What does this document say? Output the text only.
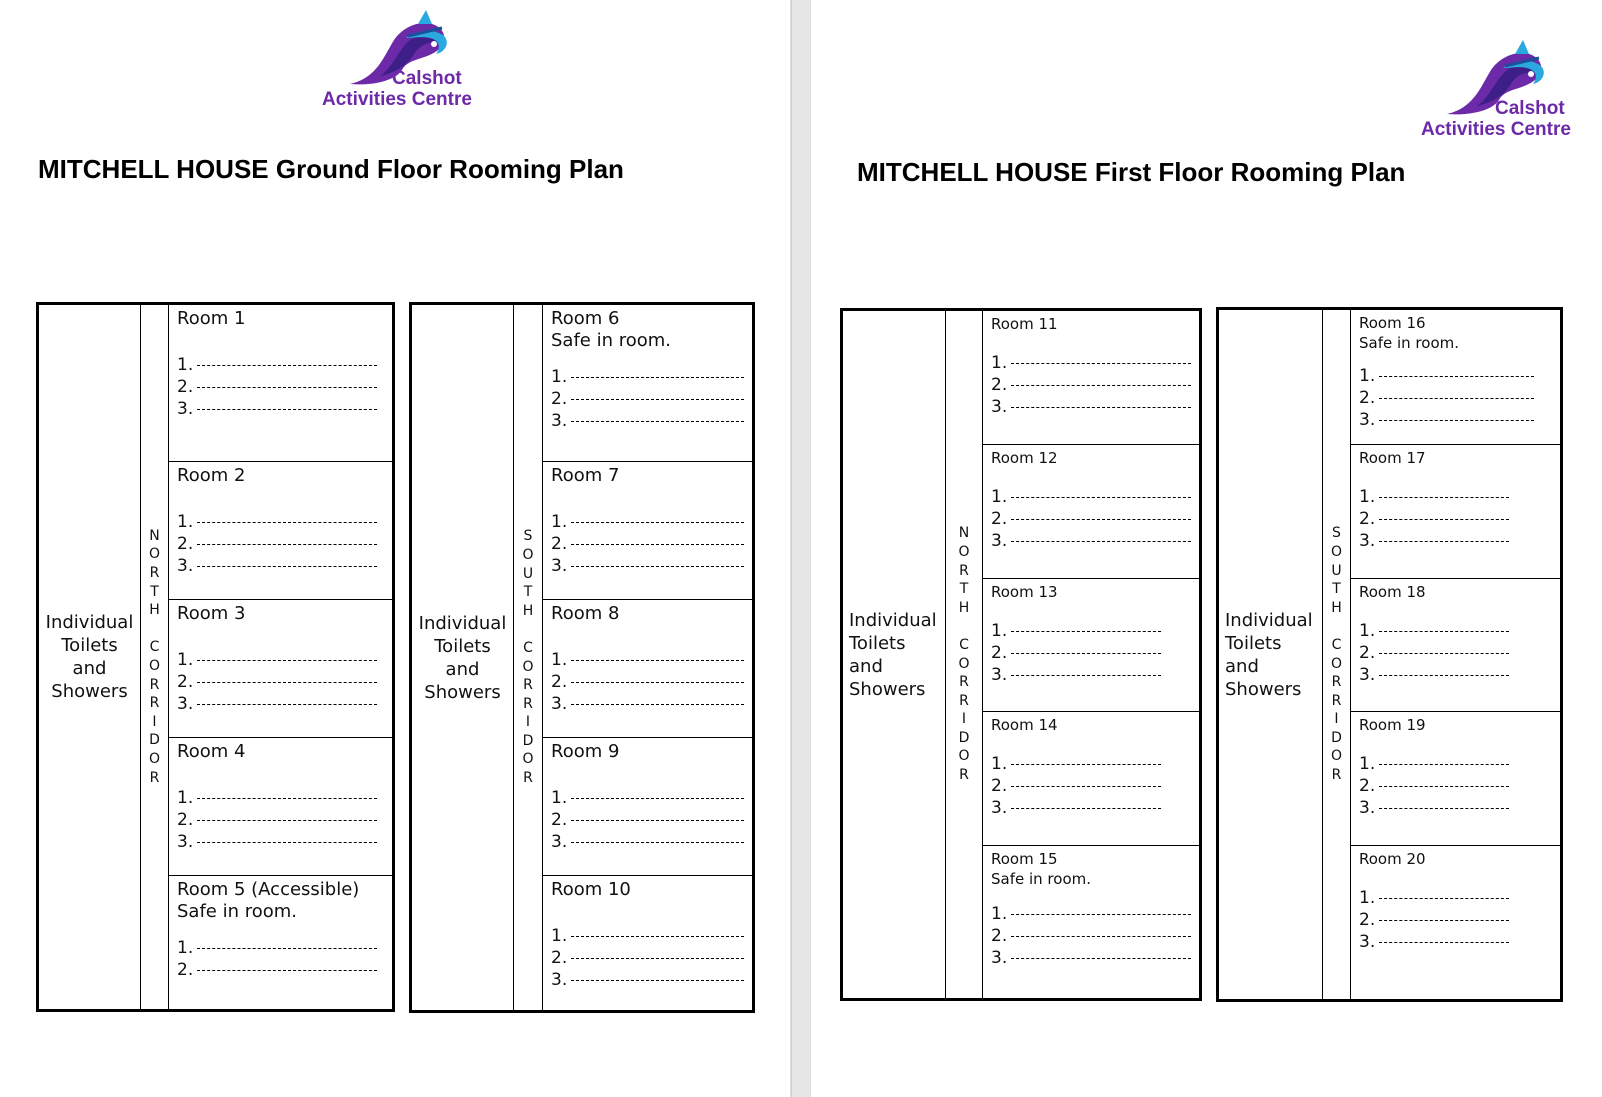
Calshot
Activities Centre
MITCHELL HOUSE Ground Floor Rooming Plan
Individual
Toilets
and
Showers
N
O
R
T
H
C
O
R
R
I
D
O
R
Room 1
1.
2.
3.
Room 2
1.
2.
3.
Room 3
1.
2.
3.
Room 4
1.
2.
3.
Room 5 (Accessible)
Safe in room.
1.
2.
Individual
Toilets
and
Showers
S
O
U
T
H
C
O
R
R
I
D
O
R
Room 6
Safe in room.
1.
2.
3.
Room 7
1.
2.
3.
Room 8
1.
2.
3.
Room 9
1.
2.
3.
Room 10
1.
2.
3.
Calshot
Activities Centre
MITCHELL HOUSE First Floor Rooming Plan
Individual
Toilets
and
Showers
N
O
R
T
H
C
O
R
R
I
D
O
R
Room 11
1.
2.
3.
Room 12
1.
2.
3.
Room 13
1.
2.
3.
Room 14
1.
2.
3.
Room 15
Safe in room.
1.
2.
3.
Individual
Toilets
and
Showers
S
O
U
T
H
C
O
R
R
I
D
O
R
Room 16
Safe in room.
1.
2.
3.
Room 17
1.
2.
3.
Room 18
1.
2.
3.
Room 19
1.
2.
3.
Room 20
1.
2.
3.
